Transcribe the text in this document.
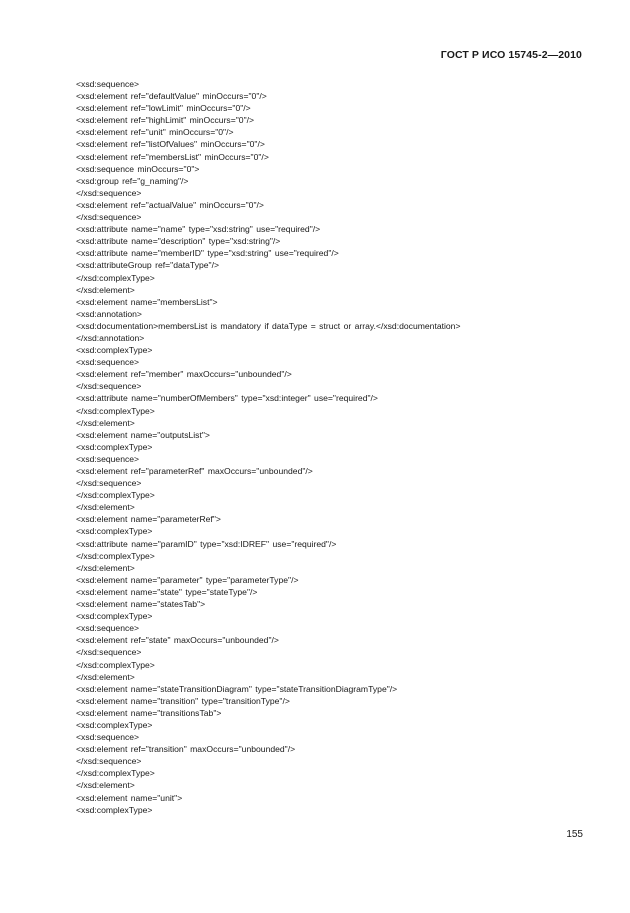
ГОСТ Р ИСО 15745-2—2010
<xsd:sequence>
<xsd:element ref="defaultValue" minOccurs="0"/>
<xsd:element ref="lowLimit" minOccurs="0"/>
<xsd:element ref="highLimit" minOccurs="0"/>
<xsd:element ref="unit" minOccurs="0"/>
<xsd:element ref="listOfValues" minOccurs="0"/>
<xsd:element ref="membersList" minOccurs="0"/>
<xsd:sequence minOccurs="0">
<xsd:group ref="g_naming"/>
</xsd:sequence>
<xsd:element ref="actualValue" minOccurs="0"/>
</xsd:sequence>
<xsd:attribute name="name" type="xsd:string" use="required"/>
<xsd:attribute name="description" type="xsd:string"/>
<xsd:attribute name="memberID" type="xsd:string" use="required"/>
<xsd:attributeGroup ref="dataType"/>
</xsd:complexType>
</xsd:element>
<xsd:element name="membersList">
<xsd:annotation>
<xsd:documentation>membersList is mandatory if dataType = struct or array.</xsd:documentation>
</xsd:annotation>
<xsd:complexType>
<xsd:sequence>
<xsd:element ref="member" maxOccurs="unbounded"/>
</xsd:sequence>
<xsd:attribute name="numberOfMembers" type="xsd:integer" use="required"/>
</xsd:complexType>
</xsd:element>
<xsd:element name="outputsList">
<xsd:complexType>
<xsd:sequence>
<xsd:element ref="parameterRef" maxOccurs="unbounded"/>
</xsd:sequence>
</xsd:complexType>
</xsd:element>
<xsd:element name="parameterRef">
<xsd:complexType>
<xsd:attribute name="paramID" type="xsd:IDREF" use="required"/>
</xsd:complexType>
</xsd:element>
<xsd:element name="parameter" type="parameterType"/>
<xsd:element name="state" type="stateType"/>
<xsd:element name="statesTab">
<xsd:complexType>
<xsd:sequence>
<xsd:element ref="state" maxOccurs="unbounded"/>
</xsd:sequence>
</xsd:complexType>
</xsd:element>
<xsd:element name="stateTransitionDiagram" type="stateTransitionDiagramType"/>
<xsd:element name="transition" type="transitionType"/>
<xsd:element name="transitionsTab">
<xsd:complexType>
<xsd:sequence>
<xsd:element ref="transition" maxOccurs="unbounded"/>
</xsd:sequence>
</xsd:complexType>
</xsd:element>
<xsd:element name="unit">
<xsd:complexType>
155
